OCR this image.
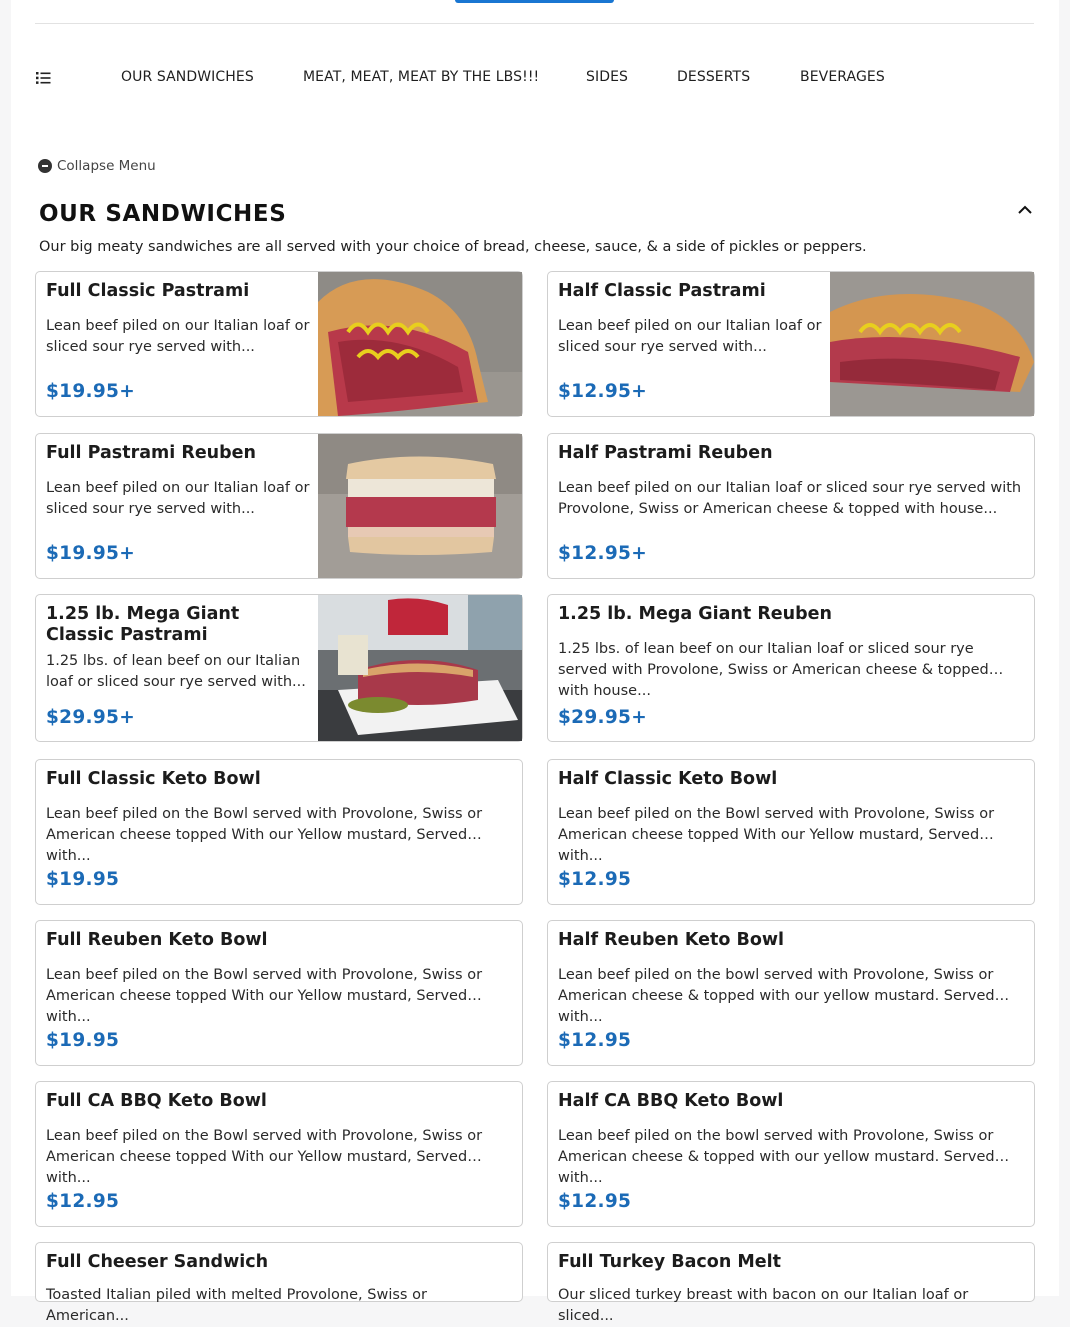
OUR SANDWICHES	MEAT, MEAT, MEAT BY THE LBS!!!	SIDES	DESSERTS	BEVERAGES
Collapse Menu
OUR SANDWICHES
Our big meaty sandwiches are all served with your choice of bread, cheese, sauce, & a side of pickles or peppers.
Full Classic Pastrami
Lean beef piled on our Italian loaf or sliced sour rye served with...
$19.95+
Half Classic Pastrami
Lean beef piled on our Italian loaf or sliced sour rye served with...
$12.95+
Full Pastrami Reuben
Lean beef piled on our Italian loaf or sliced sour rye served with...
$19.95+
Half Pastrami Reuben
Lean beef piled on our Italian loaf or sliced sour rye served with Provolone, Swiss or American cheese & topped with house...
$12.95+
1.25 lb. Mega Giant Classic Pastrami
1.25 lbs. of lean beef on our Italian loaf or sliced sour rye served with...
$29.95+
1.25 lb. Mega Giant Reuben
1.25 lbs. of lean beef on our Italian loaf or sliced sour rye served with Provolone, Swiss or American cheese & topped with house...
$29.95+
Full Classic Keto Bowl
Lean beef piled on the Bowl served with Provolone, Swiss or American cheese topped With our Yellow mustard, Served with...
$19.95
Half Classic Keto Bowl
Lean beef piled on the Bowl served with Provolone, Swiss or American cheese topped With our Yellow mustard, Served with...
$12.95
Full Reuben Keto Bowl
Lean beef piled on the Bowl served with Provolone, Swiss or American cheese topped With our Yellow mustard, Served with...
$19.95
Half Reuben Keto Bowl
Lean beef piled on the bowl served with Provolone, Swiss or American cheese & topped with our yellow mustard. Served with...
$12.95
Full CA BBQ Keto Bowl
Lean beef piled on the Bowl served with Provolone, Swiss or American cheese topped With our Yellow mustard, Served with...
$12.95
Half CA BBQ Keto Bowl
Lean beef piled on the bowl served with Provolone, Swiss or American cheese & topped with our yellow mustard. Served with...
$12.95
Full Cheeser Sandwich
Toasted Italian piled with melted Provolone, Swiss or American...
Full Turkey Bacon Melt
Our sliced turkey breast with bacon on our Italian loaf or sliced...
